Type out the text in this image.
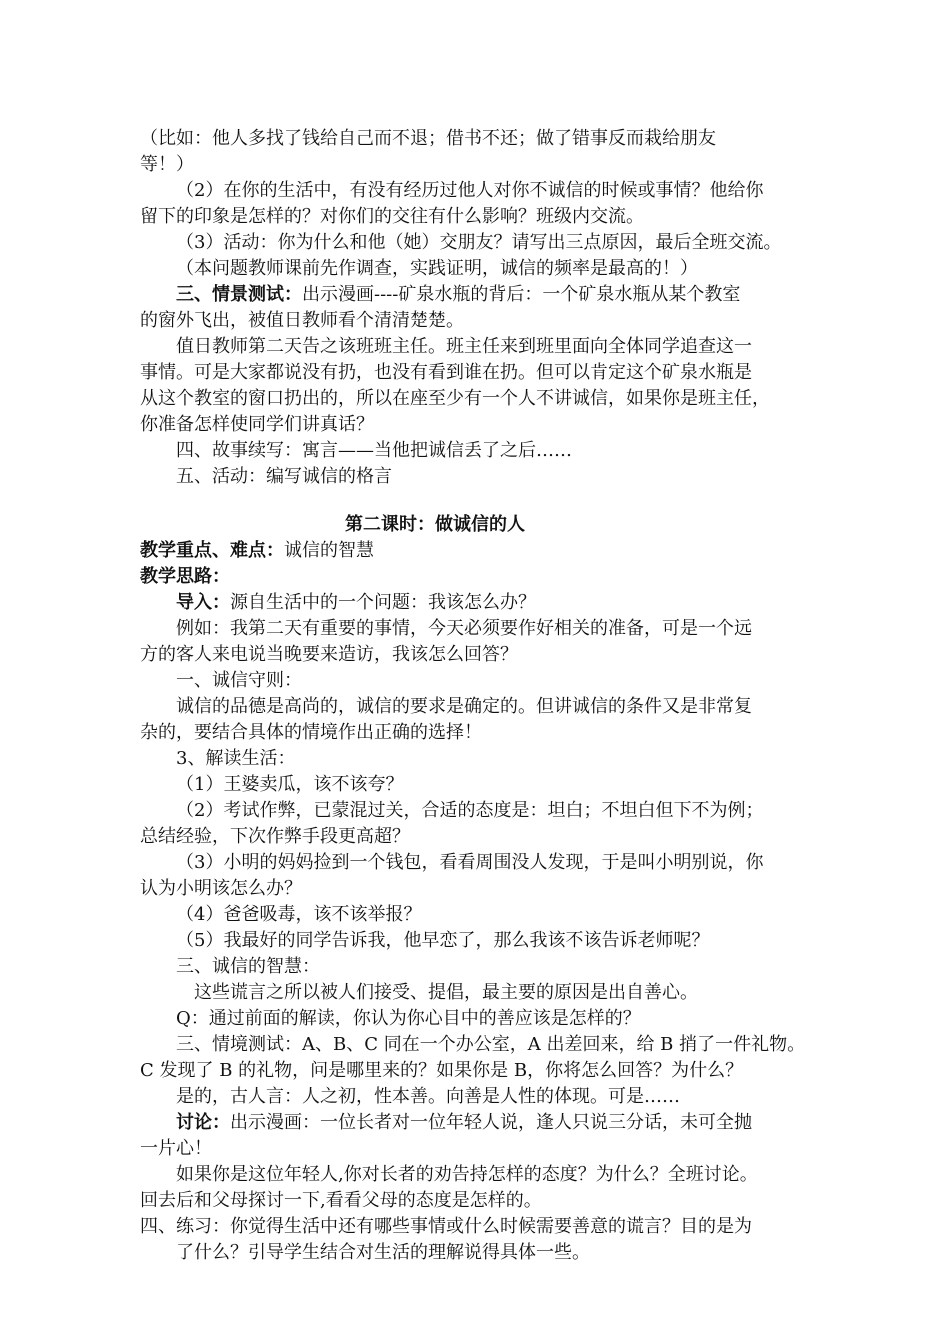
（比如：他人多找了钱给自己而不退；借书不还；做了错事反而栽给朋友
等！）
（2）在你的生活中，有没有经历过他人对你不诚信的时候或事情？他给你
留下的印象是怎样的？对你们的交往有什么影响？班级内交流。
（3）活动：你为什么和他（她）交朋友？请写出三点原因，最后全班交流。
（本问题教师课前先作调查，实践证明，诚信的频率是最高的！）
三、情景测试：出示漫画----矿泉水瓶的背后：一个矿泉水瓶从某个教室
的窗外飞出，被值日教师看个清清楚楚。
值日教师第二天告之该班班主任。班主任来到班里面向全体同学追查这一
事情。可是大家都说没有扔，也没有看到谁在扔。但可以肯定这个矿泉水瓶是
从这个教室的窗口扔出的，所以在座至少有一个人不讲诚信，如果你是班主任，
你准备怎样使同学们讲真话？
四、故事续写：寓言——当他把诚信丢了之后……
五、活动：编写诚信的格言
第二课时：做诚信的人
教学重点、难点：诚信的智慧
教学思路：
导入：源自生活中的一个问题：我该怎么办？
例如：我第二天有重要的事情，今天必须要作好相关的准备，可是一个远
方的客人来电说当晚要来造访，我该怎么回答？
一、诚信守则：
诚信的品德是高尚的，诚信的要求是确定的。但讲诚信的条件又是非常复
杂的，要结合具体的情境作出正确的选择！
3、解读生活：
（1）王婆卖瓜，该不该夸？
（2）考试作弊，已蒙混过关，合适的态度是：坦白；不坦白但下不为例；
总结经验，下次作弊手段更高超？
（3）小明的妈妈捡到一个钱包，看看周围没人发现，于是叫小明别说，你
认为小明该怎么办？
（4）爸爸吸毒，该不该举报？
（5）我最好的同学告诉我，他早恋了，那么我该不该告诉老师呢？
三、诚信的智慧：
这些谎言之所以被人们接受、提倡，最主要的原因是出自善心。
Q：通过前面的解读，你认为你心目中的善应该是怎样的？
三、情境测试：A、B、C 同在一个办公室，A 出差回来，给 B 捎了一件礼物。
C 发现了 B 的礼物，问是哪里来的？如果你是 B，你将怎么回答？为什么？
是的，古人言：人之初，性本善。向善是人性的体现。可是……
讨论：出示漫画：一位长者对一位年轻人说，逢人只说三分话，未可全抛
一片心！
如果你是这位年轻人,你对长者的劝告持怎样的态度？为什么？全班讨论。
回去后和父母探讨一下,看看父母的态度是怎样的。
四、练习：你觉得生活中还有哪些事情或什么时候需要善意的谎言？目的是为
了什么？引导学生结合对生活的理解说得具体一些。
